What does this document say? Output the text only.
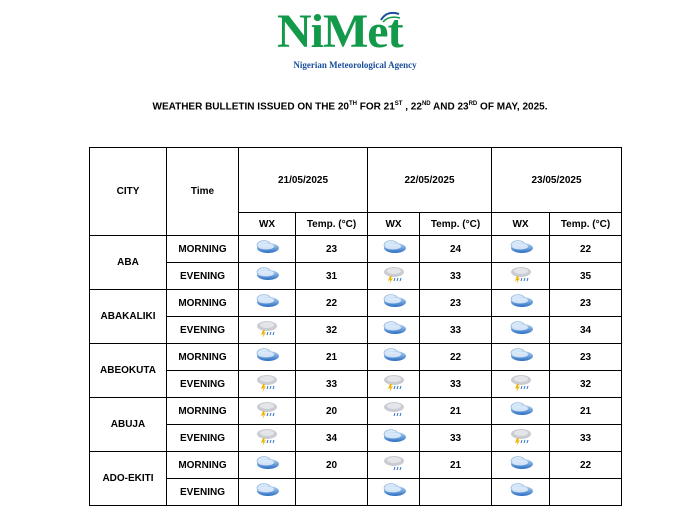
NiMet
Nigerian Meteorological Agency
WEATHER BULLETIN ISSUED ON THE 20TH FOR 21ST , 22ND AND 23RD OF MAY, 2025.
CITY	Time	21/05/2025		22/05/2025		23/05/2025	
		WX	Temp. (°C)	WX	Temp. (°C)	WX	Temp. (°C)
ABA	MORNING		23		24		22
	EVENING		31		33		35
ABAKALIKI	MORNING		22		23		23
	EVENING		32		33		34
ABEOKUTA	MORNING		21		22		23
	EVENING		33		33		32
ABUJA	MORNING		20		21		21
	EVENING		34		33		33
ADO-EKITI	MORNING		20		21		22
	EVENING						
